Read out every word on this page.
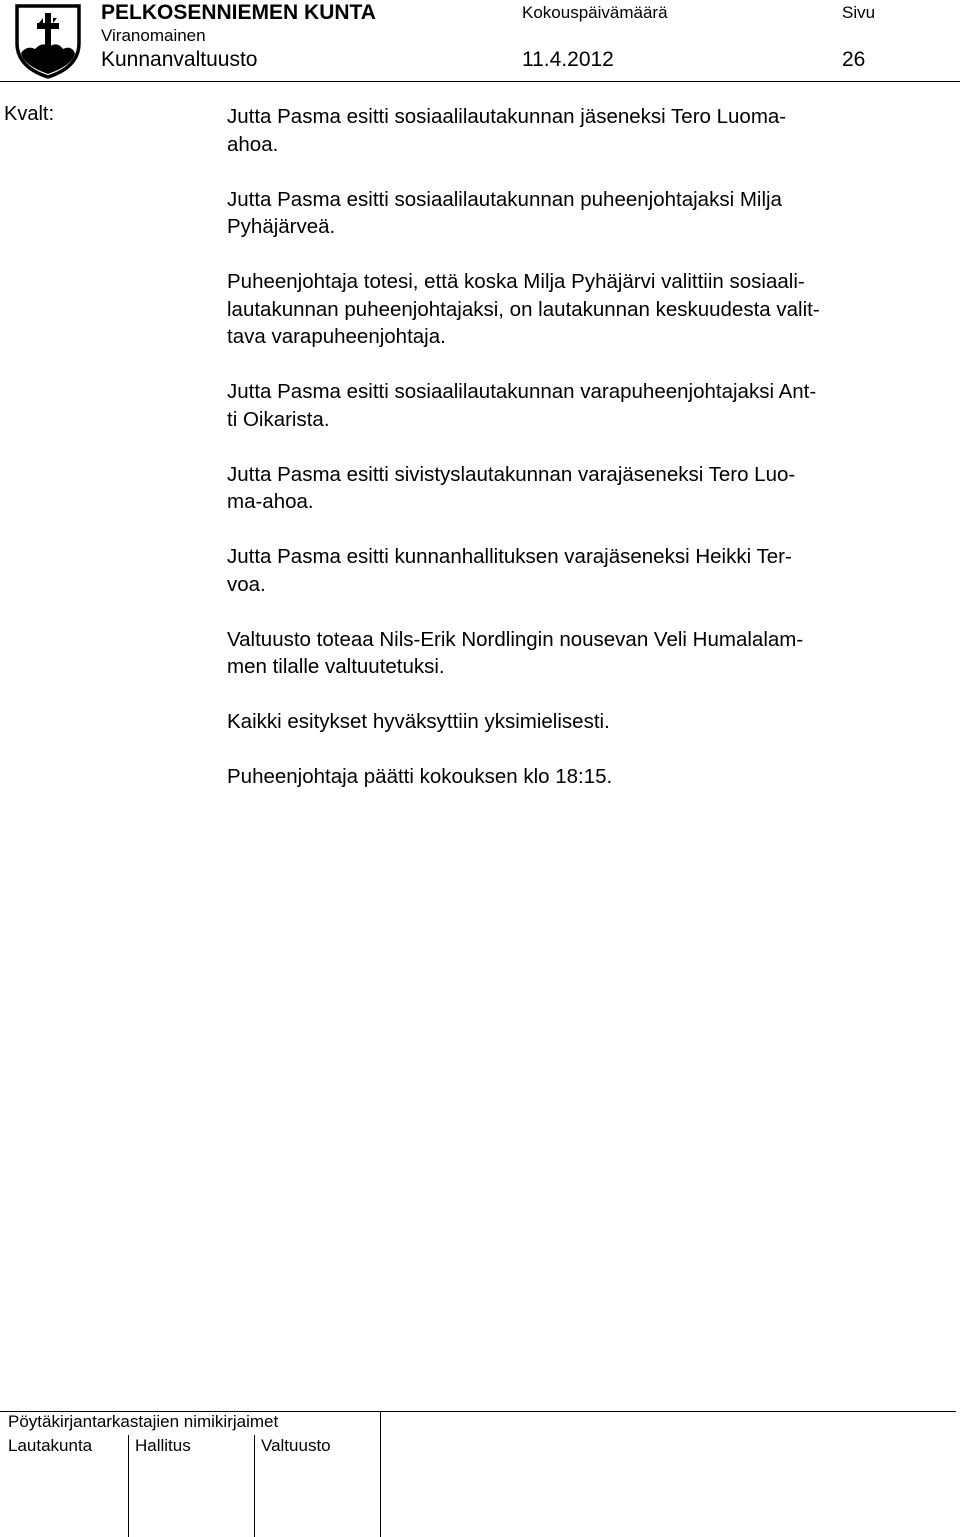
PELKOSENNIEMEN KUNTA
Viranomainen
Kunnanvaltuusto
Kokouspäivämäärä
11.4.2012
Sivu
26
Kvalt:	Jutta Pasma esitti sosiaalilautakunnan jäseneksi Tero Luoma-
ahoa.

Jutta Pasma esitti sosiaalilautakunnan puheenjohtajaksi Milja
Pyhäjärveä.

Puheenjohtaja totesi, että koska Milja Pyhäjärvi valittiin sosiaali-
lautakunnan puheenjohtajaksi, on lautakunnan keskuudesta valit-
tava varapuheenjohtaja.

Jutta Pasma esitti sosiaalilautakunnan varapuheenjohtajaksi Ant-
ti Oikarista.

Jutta Pasma esitti sivistyslautakunnan varajäseneksi Tero Luo-
ma-ahoa.

Jutta Pasma esitti kunnanhallituksen varajäseneksi Heikki Ter-
voa.

Valtuusto toteaa Nils-Erik Nordlingin nousevan Veli Humalalam-
men tilalle valtuutetuksi.

Kaikki esitykset hyväksyttiin yksimielisesti.

Puheenjohtaja päätti kokouksen klo 18:15.

Pöytäkirjantarkastajien nimikirjaimet
Lautakunta	Hallitus	Valtuusto
